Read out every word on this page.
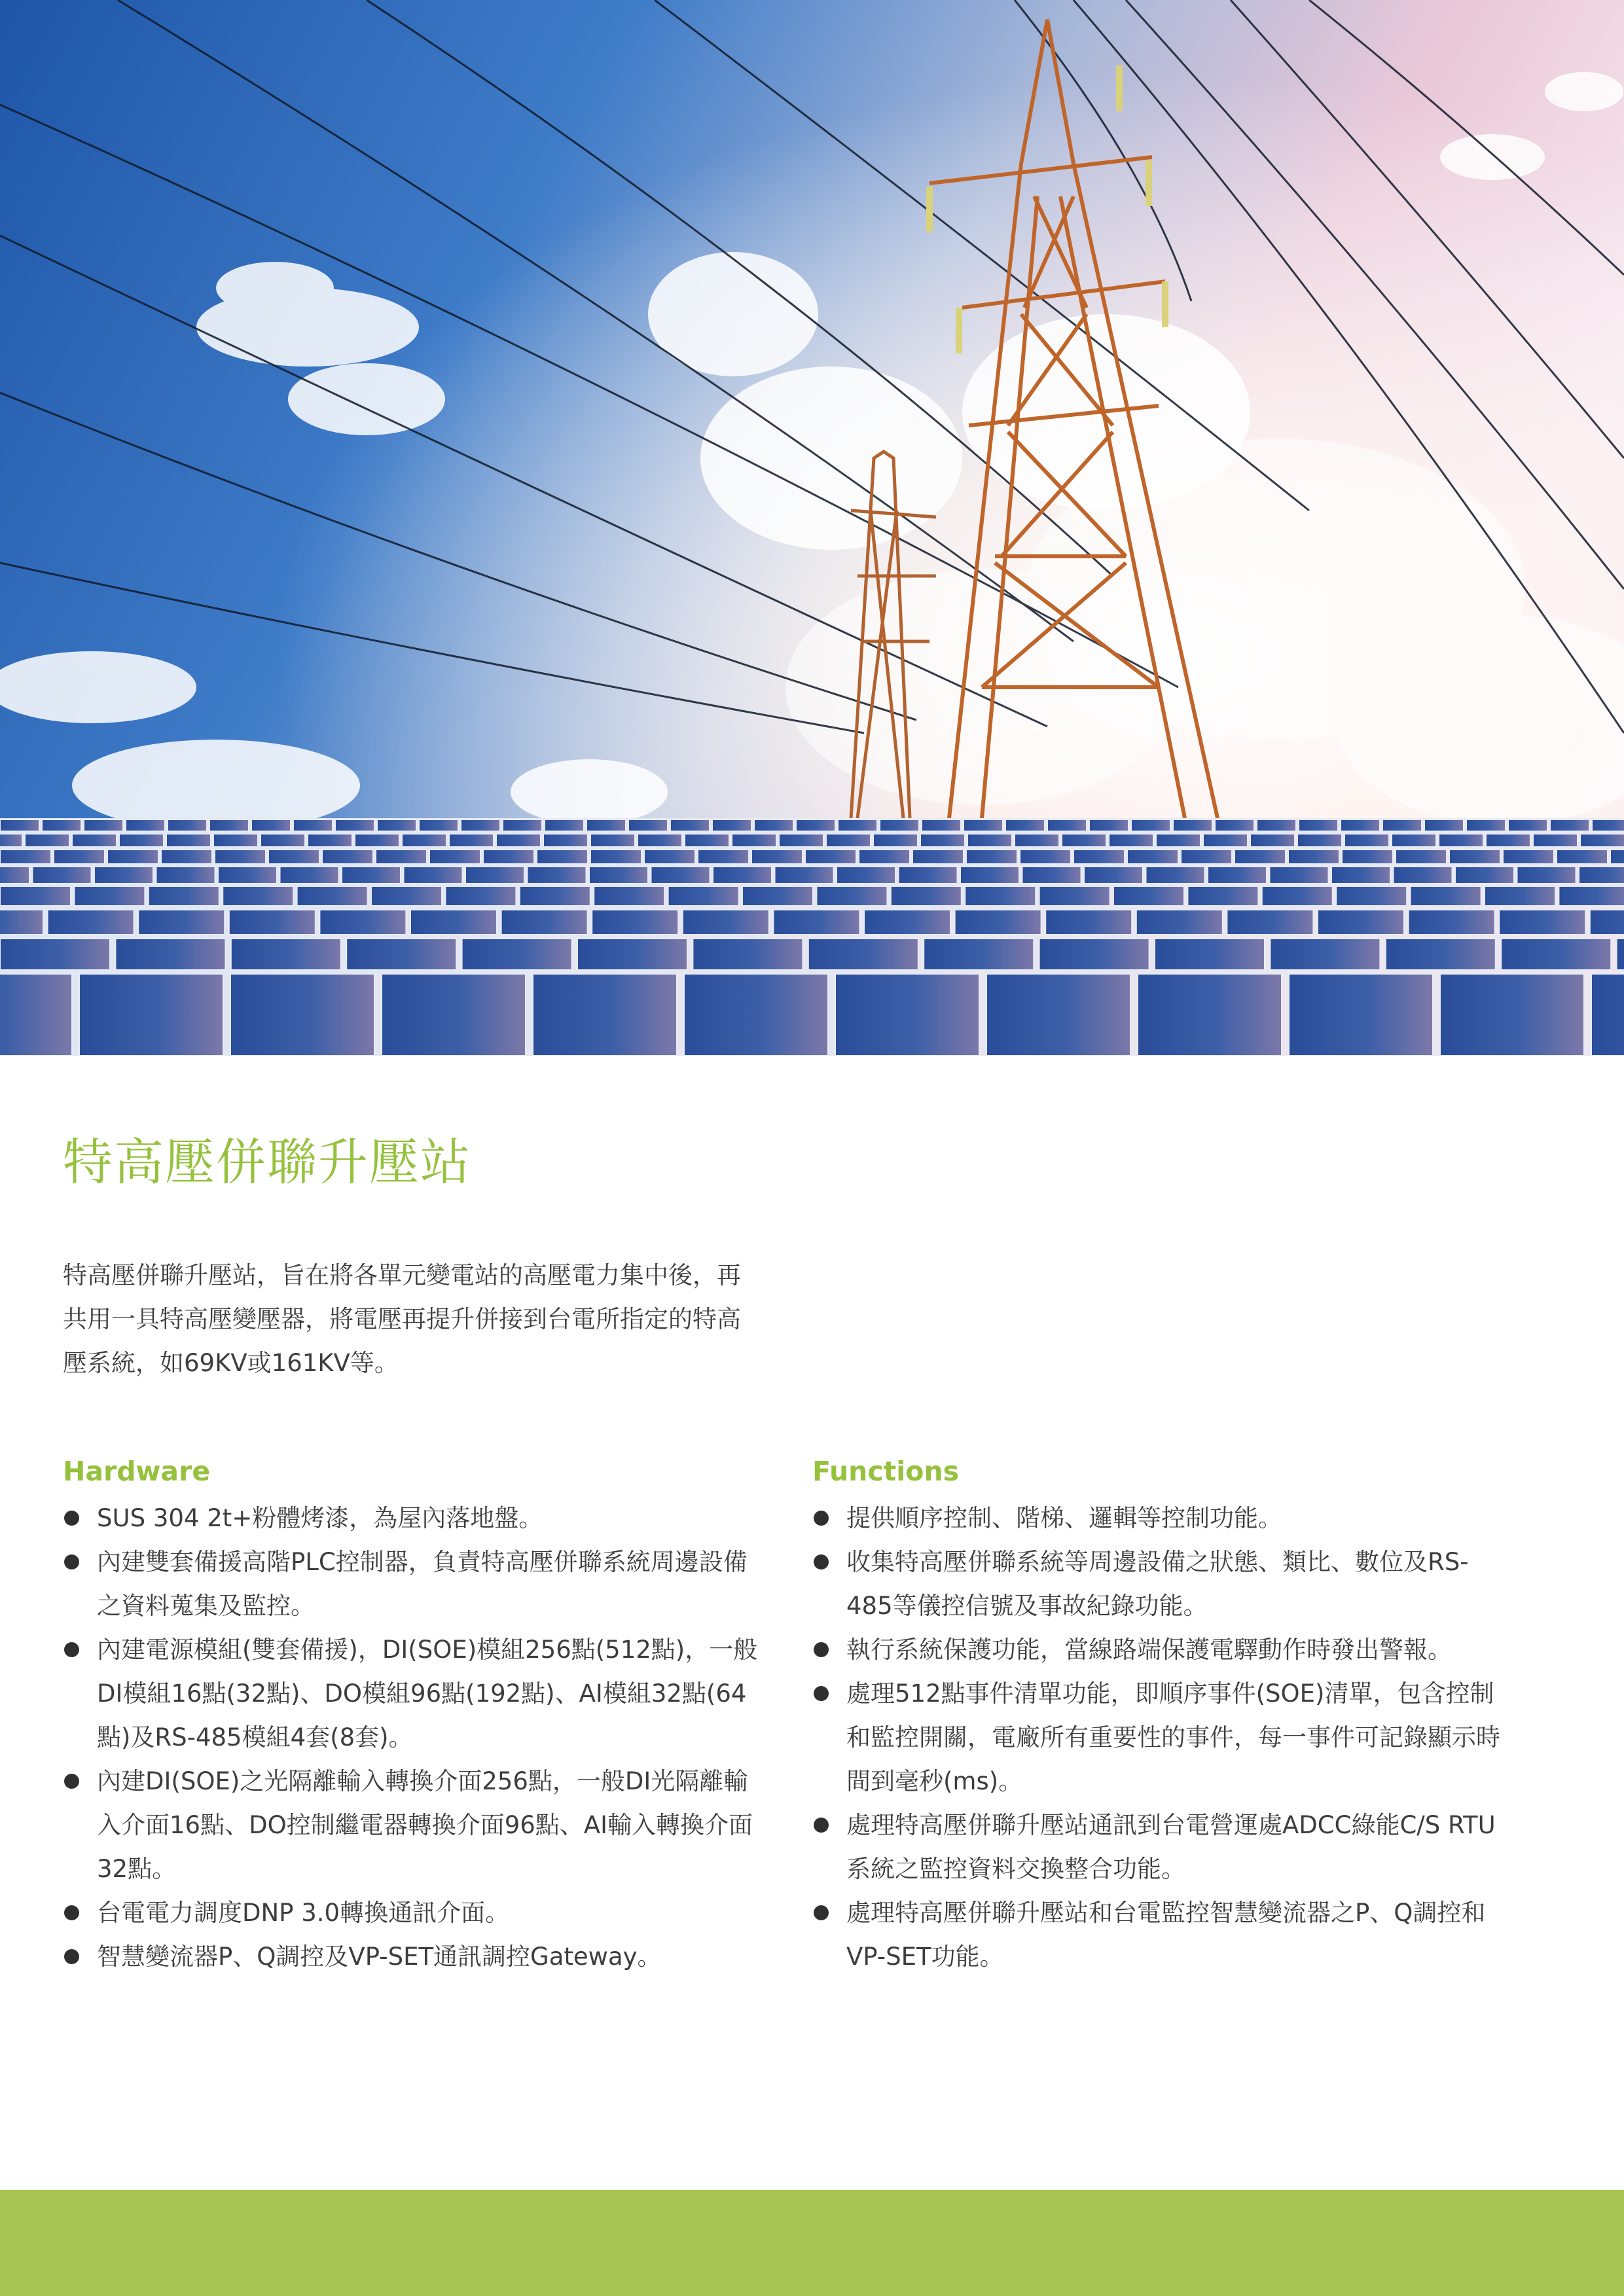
特高壓併聯升壓站

特高壓併聯升壓站，旨在將各單元變電站的高壓電力集中後，再共用一具特高壓變壓器，將電壓再提升併接到台電所指定的特高壓系統，如69KV或161KV等。

Hardware
SUS 304 2t+粉體烤漆，為屋內落地盤。
內建雙套備援高階PLC控制器，負責特高壓併聯系統周邊設備之資料蒐集及監控。
內建電源模組(雙套備援)，DI(SOE)模組256點(512點)，一般DI模組16點(32點)、DO模組96點(192點)、AI模組32點(64點)及RS-485模組4套(8套)。
內建DI(SOE)之光隔離輸入轉換介面256點，一般DI光隔離輸入介面16點、DO控制繼電器轉換介面96點、AI輸入轉換介面32點。
台電電力調度DNP 3.0轉換通訊介面。
智慧變流器P、Q調控及VP-SET通訊調控Gateway。
Functions
提供順序控制、階梯、邏輯等控制功能。
收集特高壓併聯系統等周邊設備之狀態、類比、數位及RS-485等儀控信號及事故紀錄功能。
執行系統保護功能，當線路端保護電驛動作時發出警報。
處理512點事件清單功能，即順序事件(SOE)清單，包含控制和監控開關，電廠所有重要性的事件，每一事件可記錄顯示時間到毫秒(ms)。
處理特高壓併聯升壓站通訊到台電營運處ADCC綠能C/S RTU系統之監控資料交換整合功能。
處理特高壓併聯升壓站和台電監控智慧變流器之P、Q調控和VP-SET功能。
